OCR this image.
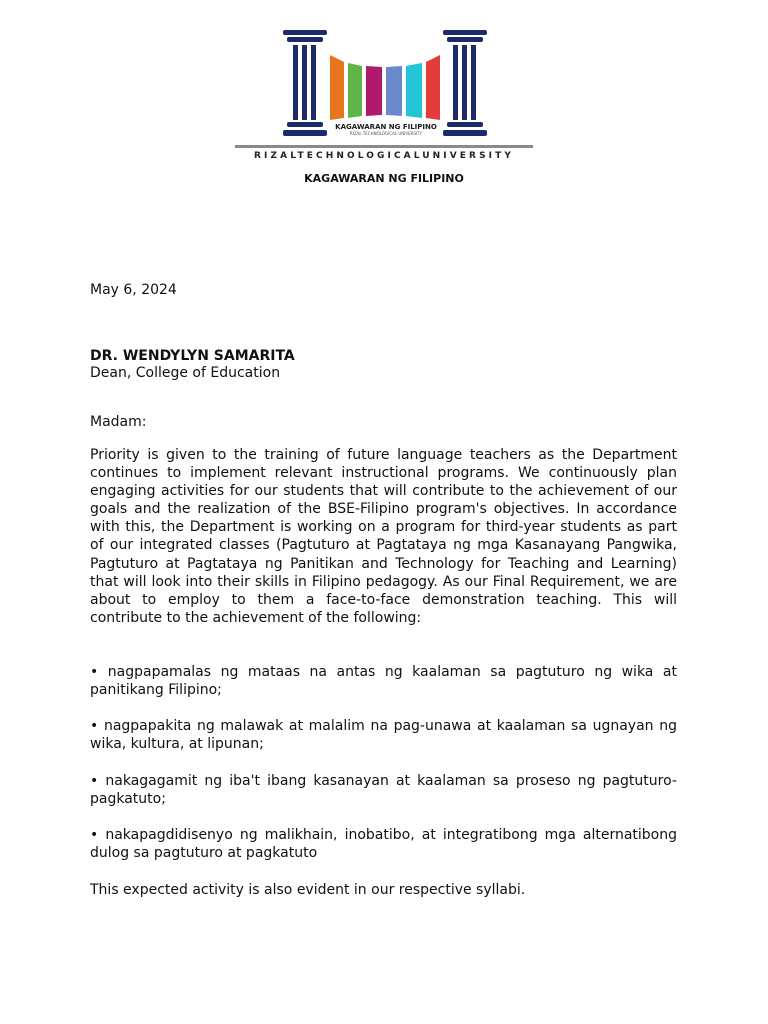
KAGAWARAN NG FILIPINO
RIZAL TECHNOLOGICAL UNIVERSITY
RIZALTECHNOLOGICALUNIVERSITY
KAGAWARAN NG FILIPINO
May 6, 2024
DR. WENDYLYN SAMARITA
Dean, College of Education
Madam:
Priority is given to the training of future language teachers as the Department continues to implement relevant instructional programs. We continuously plan engaging activities for our students that will contribute to the achievement of our goals and the realization of the BSE-Filipino program's objectives. In accordance with this, the Department is working on a program for third-year students as part of our integrated classes (Pagtuturo at Pagtataya ng mga Kasanayang Pangwika, Pagtuturo at Pagtataya ng Panitikan and Technology for Teaching and Learning) that will look into their skills in Filipino pedagogy. As our Final Requirement, we are about to employ to them a face-to-face demonstration teaching. This will contribute to the achievement of the following:
• nagpapamalas ng mataas na antas ng kaalaman sa pagtuturo ng wika at panitikang Filipino;
• nagpapakita ng malawak at malalim na pag-unawa at kaalaman sa ugnayan ng wika, kultura, at lipunan;
• nakagagamit ng iba't ibang kasanayan at kaalaman sa proseso ng pagtuturo-pagkatuto;
• nakapagdidisenyo ng malikhain, inobatibo, at integratibong mga alternatibong dulog sa pagtuturo at pagkatuto
This expected activity is also evident in our respective syllabi.
